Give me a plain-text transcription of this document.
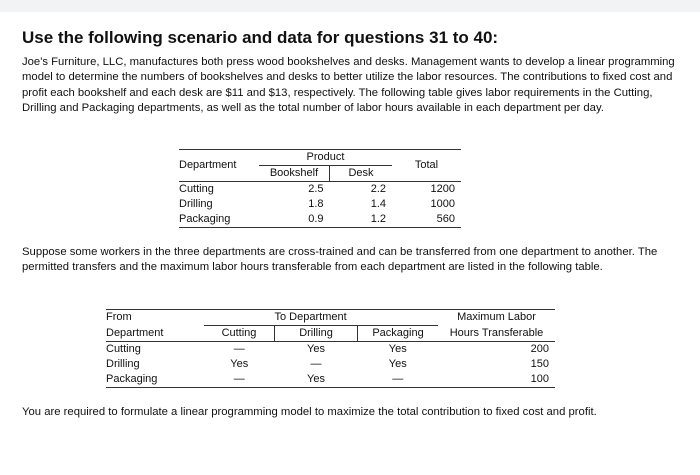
Use the following scenario and data for questions 31 to 40:

Joe's Furniture, LLC, manufactures both press wood bookshelves and desks. Management wants to develop a linear programming model to determine the numbers of bookshelves and desks to better utilize the labor resources. The contributions to fixed cost and profit each bookshelf and each desk are $11 and $13, respectively. The following table gives labor requirements in the Cutting, Drilling and Packaging departments, as well as the total number of labor hours available in each department per day.

Department	Product		Total
	Bookshelf	Desk	
Cutting	2.5	2.2	1200
Drilling	1.8	1.4	1000
Packaging	0.9	1.2	560

Suppose some workers in the three departments are cross-trained and can be transferred from one department to another. The permitted transfers and the maximum labor hours transferable from each department are listed in the following table.

From		To Department		Maximum Labor
Department	Cutting	Drilling	Packaging	Hours Transferable
Cutting	—	Yes	Yes	200
Drilling	Yes	—	Yes	150
Packaging	—	Yes	—	100

You are required to formulate a linear programming model to maximize the total contribution to fixed cost and profit.
